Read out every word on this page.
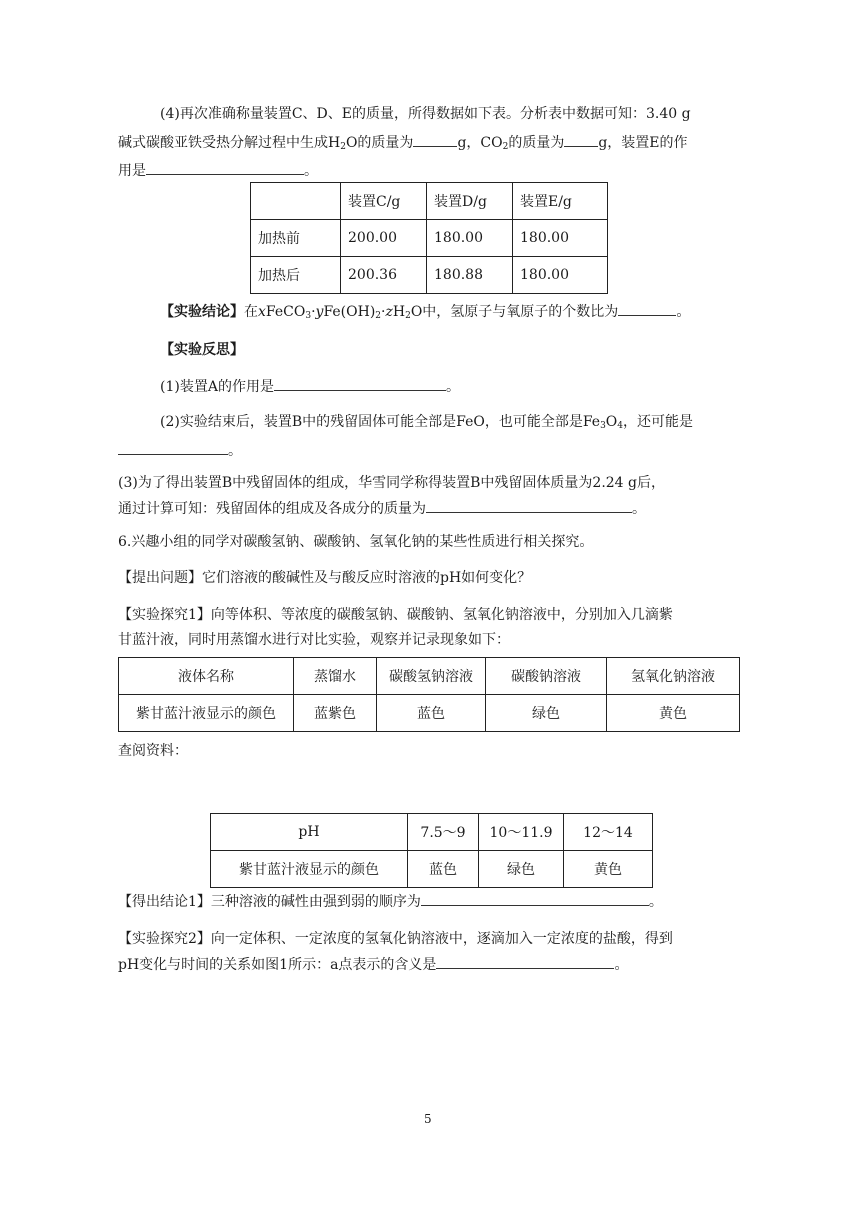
(4)再次准确称量装置C、D、E的质量，所得数据如下表。分析表中数据可知：3.40 g
碱式碳酸亚铁受热分解过程中生成$H_2O$的质量为	g，$CO_2$的质量为 g，装置E的作
用是	。
	装置C/g	装置D/g	装置E/g
加热前	200.00	180.00	180.00
加热后	200.36	180.88	180.00
【实验结论】在$xFeCO_3\cdot yFe(OH)_2\cdot zH_2O$中，氢原子与氧原子的个数比为	。
【实验反思】
(1)装置A的作用是	。
(2)实验结束后，装置B中的残留固体可能全部是FeO，也可能全部是$Fe_3O_4$，还可能是
。
(3)为了得出装置B中残留固体的组成，华雪同学称得装置B中残留固体质量为2.24 g后，
通过计算可知：残留固体的组成及各成分的质量为	。
6.兴趣小组的同学对碳酸氢钠、碳酸钠、氢氧化钠的某些性质进行相关探究。
【提出问题】它们溶液的酸碱性及与酸反应时溶液的pH如何变化？
【实验探究1】向等体积、等浓度的碳酸氢钠、碳酸钠、氢氧化钠溶液中，分别加入几滴紫
甘蓝汁液，同时用蒸馏水进行对比实验，观察并记录现象如下：
液体名称	蒸馏水	碳酸氢钠溶液	碳酸钠溶液	氢氧化钠溶液
紫甘蓝汁液显示的颜色	蓝紫色	蓝色	绿色	黄色
查阅资料：
pH	7.5～9	10～11.9	12～14
紫甘蓝汁液显示的颜色	蓝色	绿色	黄色
【得出结论1】三种溶液的碱性由强到弱的顺序为	。
【实验探究2】向一定体积、一定浓度的氢氧化钠溶液中，逐滴加入一定浓度的盐酸，得到
pH变化与时间的关系如图1所示：a点表示的含义是	。
5
